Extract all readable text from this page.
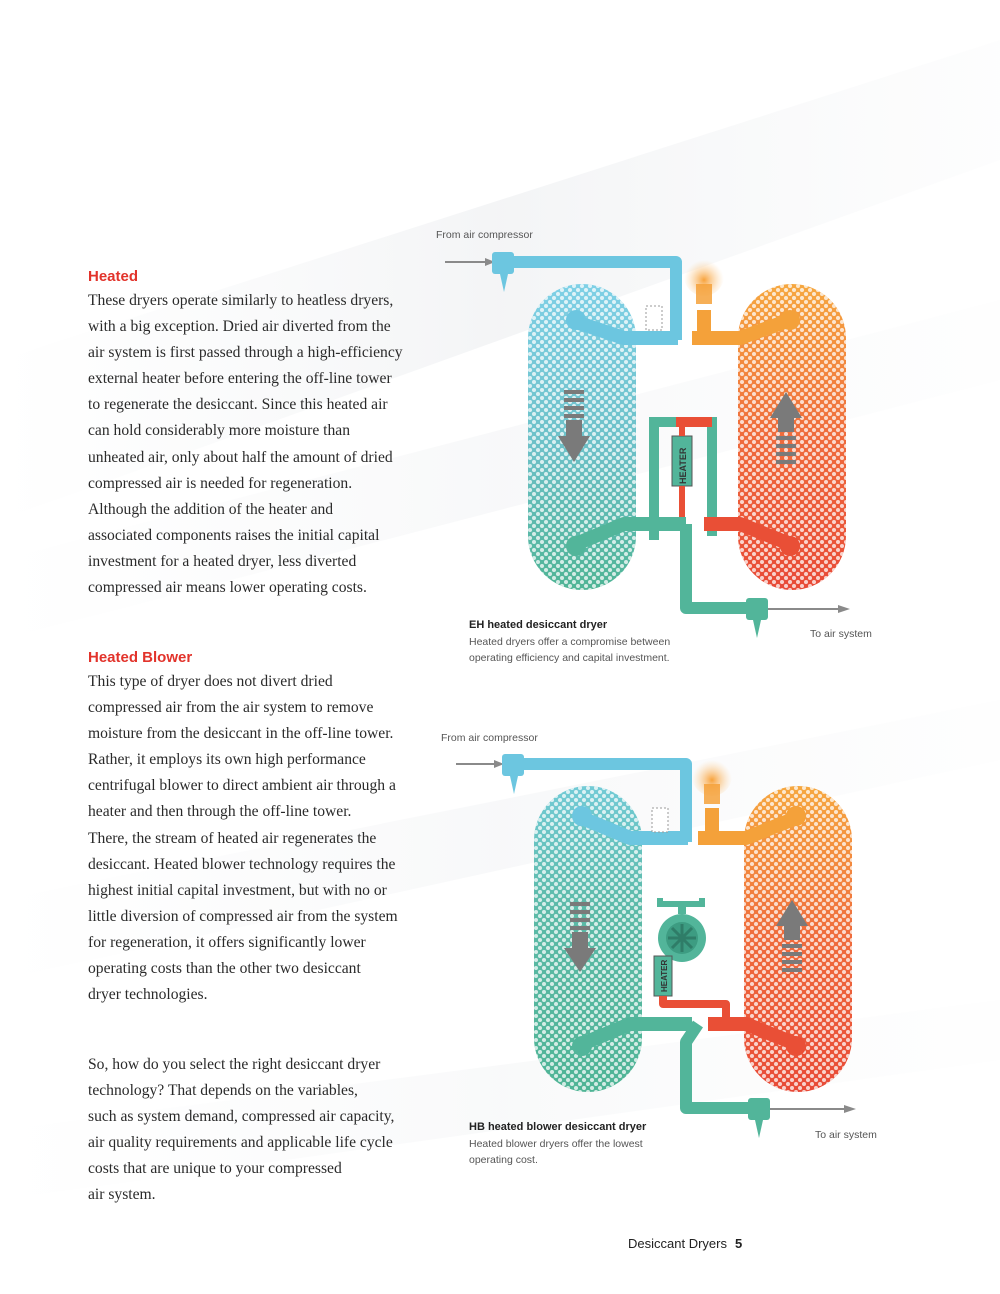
Heated
These dryers operate similarly to heatless dryers,
with a big exception. Dried air diverted from the
air system is first passed through a high-efficiency
external heater before entering the off-line tower
to regenerate the desiccant. Since this heated air
can hold considerably more moisture than
unheated air, only about half the amount of dried
compressed air is needed for regeneration.
Although the addition of the heater and
associated components raises the initial capital
investment for a heated dryer, less diverted
compressed air means lower operating costs.
Heated Blower
This type of dryer does not divert dried
compressed air from the air system to remove
moisture from the desiccant in the off-line tower.
Rather, it employs its own high performance
centrifugal blower to direct ambient air through a
heater and then through the off-line tower.
There, the stream of heated air regenerates the
desiccant. Heated blower technology requires the
highest initial capital investment, but with no or
little diversion of compressed air from the system
for regeneration, it offers significantly lower
operating costs than the other two desiccant
dryer technologies.
So, how do you select the right desiccant dryer
technology? That depends on the variables,
such as system demand, compressed air capacity,
air quality requirements and applicable life cycle
costs that are unique to your compressed
air system.
From air compressor
HEATER
To air system
EH heated desiccant dryer
Heated dryers offer a compromise between
operating efficiency and capital investment.
From air compressor
HEATER
To air system
HB heated blower desiccant dryer
Heated blower dryers offer the lowest
operating cost.
Desiccant Dryers 5
